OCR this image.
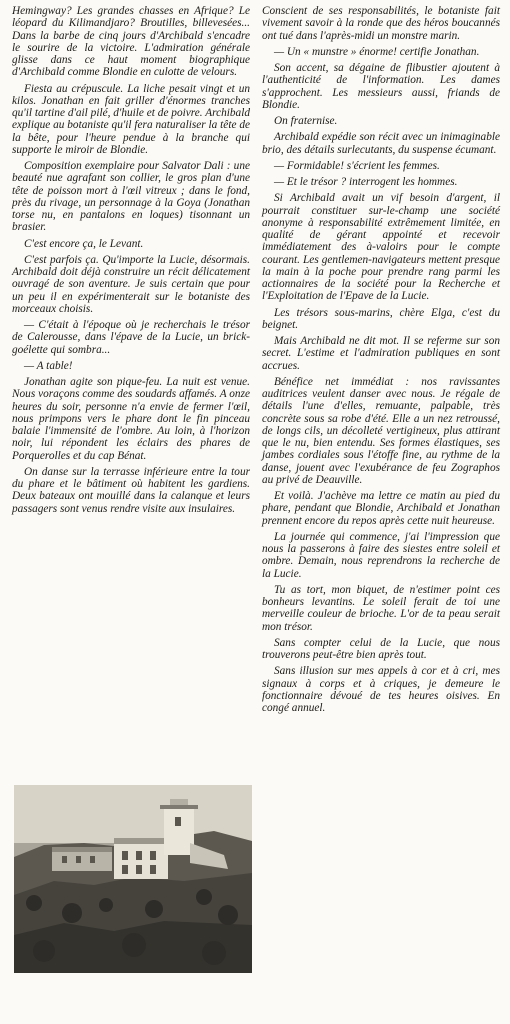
Hemingway? Les grandes chasses en Afrique? Le léopard du Kilimandjaro? Broutilles, billevesées... Dans la barbe de cinq jours d'Archibald s'encadre le sourire de la victoire. L'admiration générale glisse dans ce haut moment biographique d'Archibald comme Blondie en culotte de velours.

Fiesta au crépuscule. La liche pesait vingt et un kilos. Jonathan en fait griller d'énormes tranches qu'il tartine d'ail pilé, d'huile et de poivre. Archibald explique au botaniste qu'il fera naturaliser la tête de la bête, pour l'heure pendue à la branche qui supporte le miroir de Blondie.

Composition exemplaire pour Salvator Dali : une beauté nue agrafant son collier, le gros plan d'une tête de poisson mort à l'œil vitreux ; dans le fond, près du rivage, un personnage à la Goya (Jonathan torse nu, en pantalons en loques) tisonnant un brasier.

C'est encore ça, le Levant.

C'est parfois ça. Qu'importe la Lucie, désormais. Archibald doit déjà construire un récit délicatement ouvragé de son aventure. Je suis certain que pour un peu il en expérimenterait sur le botaniste des morceaux choisis.

— C'était à l'époque où je recherchais le trésor de Calerousse, dans l'épave de la Lucie, un brick-goélette qui sombra...

— A table!

Jonathan agite son pique-feu. La nuit est venue. Nous voraçons comme des soudards affamés. A onze heures du soir, personne n'a envie de fermer l'œil, nous primpons vers le phare dont le fin pinceau balaie l'immensité de l'ombre. Au loin, à l'horizon noir, lui répondent les éclairs des phares de Porquerolles et du cap Bénat.

On danse sur la terrasse inférieure entre la tour du phare et le bâtiment où habitent les gardiens. Deux bateaux ont mouillé dans la calanque et leurs passagers sont venus rendre visite aux insulaires.

Conscient de ses responsabilités, le botaniste fait vivement savoir à la ronde que des héros boucannés ont tué dans l'après-midi un monstre marin.

— Un « munstre » énorme! certifie Jonathan.

Son accent, sa dégaine de flibustier ajoutent à l'authenticité de l'information. Les dames s'approchent. Les messieurs aussi, friands de Blondie.

On fraternise.

Archibald expédie son récit avec un inimaginable brio, des détails surlecutants, du suspense écumant.

— Formidable! s'écrient les femmes.

— Et le trésor ? interrogent les hommes.

Si Archibald avait un vif besoin d'argent, il pourrait constituer sur-le-champ une société anonyme à responsabilité extrêmement limitée, en qualité de gérant appointé et recevoir immédiatement des à-valoirs pour le compte courant. Les gentlemen-navigateurs mettent presque la main à la poche pour prendre rang parmi les actionnaires de la société pour la Recherche et l'Exploitation de l'Epave de la Lucie.

Les trésors sous-marins, chère Elga, c'est du beignet.

Mais Archibald ne dit mot. Il se referme sur son secret. L'estime et l'admiration publiques en sont accrues.

Bénéfice net immédiat : nos ravissantes auditrices veulent danser avec nous. Je régale de détails l'une d'elles, remuante, palpable, très concrète sous sa robe d'été. Elle a un nez retroussé, de longs cils, un décolleté vertigineux, plus attirant que le nu, bien entendu. Ses formes élastiques, ses jambes cordiales sous l'étoffe fine, au rythme de la danse, jouent avec l'exubérance de feu Zographos au privé de Deauville.

Et voilà. J'achève ma lettre ce matin au pied du phare, pendant que Blondie, Archibald et Jonathan prennent encore du repos après cette nuit heureuse.

La journée qui commence, j'ai l'impression que nous la passerons à faire des siestes entre soleil et ombre. Demain, nous reprendrons la recherche de la Lucie.

Tu as tort, mon biquet, de n'estimer point ces bonheurs levantins. Le soleil ferait de toi une merveille couleur de brioche. L'or de ta peau serait mon trésor.

Sans compter celui de la Lucie, que nous trouverons peut-être bien après tout.

Sans illusion sur mes appels à cor et à cri, mes signaux à corps et à criques, je demeure le fonctionnaire dévoué de tes heures oisives. En congé annuel.
